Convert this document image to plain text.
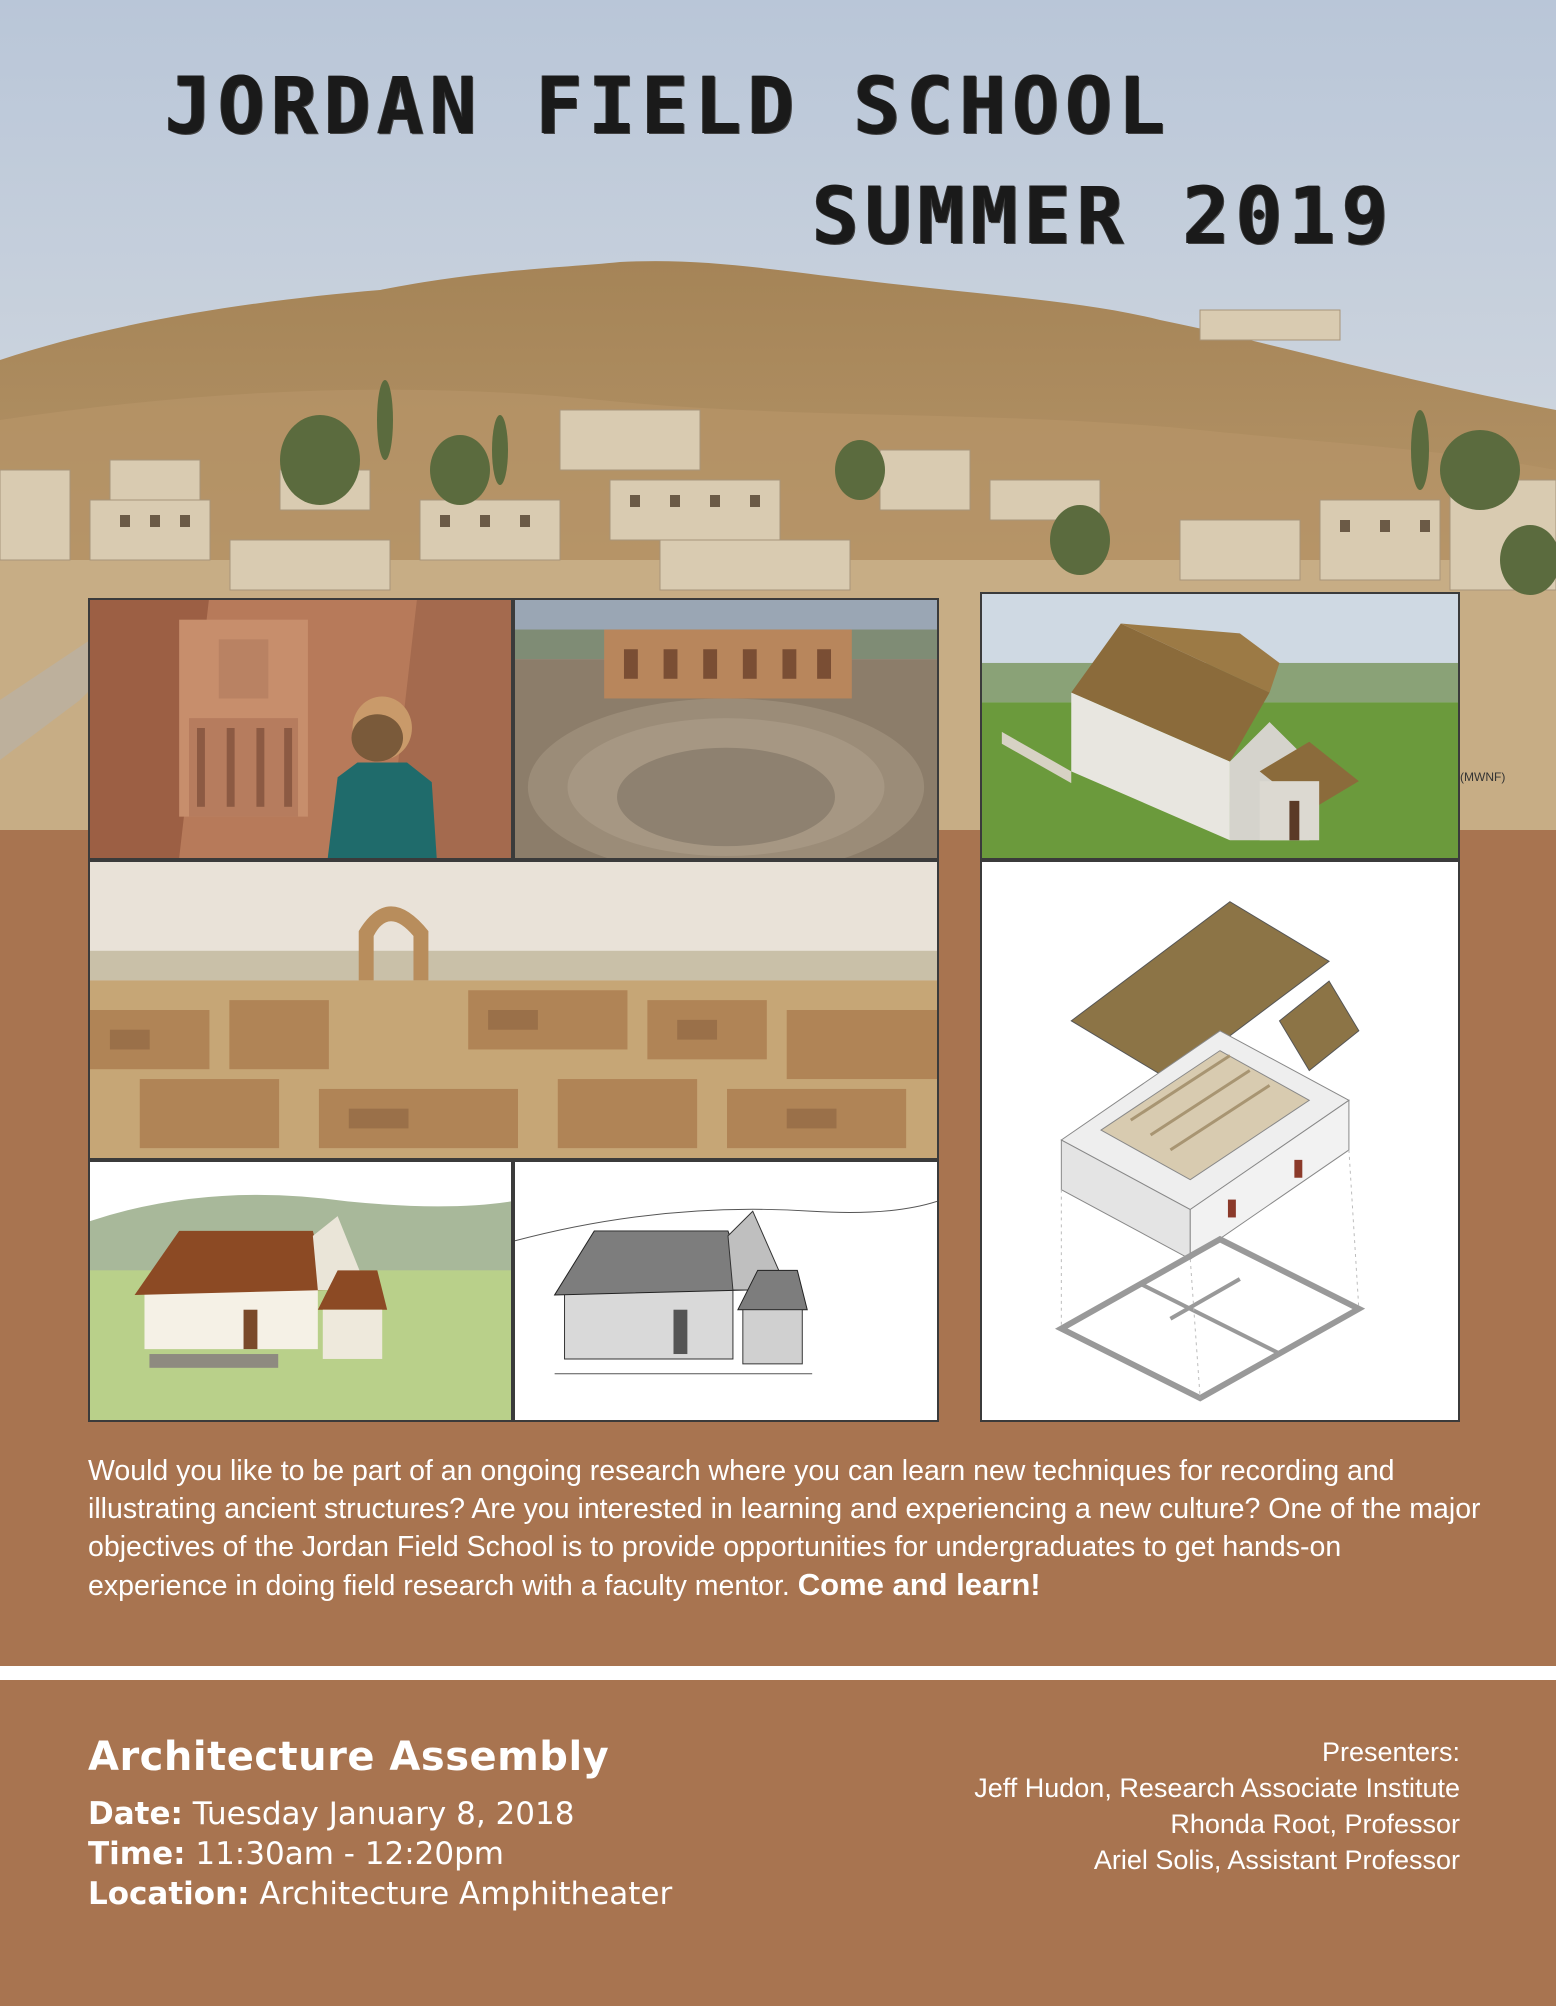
JORDAN FIELD SCHOOL
SUMMER 2019
(MWNF)
Would you like to be part of an ongoing research where you can learn new techniques for recording and illustrating ancient structures? Are you interested in learning and experiencing a new culture? One of the major objectives of the Jordan Field School is to provide opportunities for undergraduates to get hands-on experience in doing field research with a faculty mentor. Come and learn!
Architecture Assembly
Date: Tuesday January 8, 2018
Time: 11:30am - 12:20pm
Location: Architecture Amphitheater
Presenters:
Jeff Hudon, Research Associate Institute
Rhonda Root, Professor
Ariel Solis, Assistant Professor
